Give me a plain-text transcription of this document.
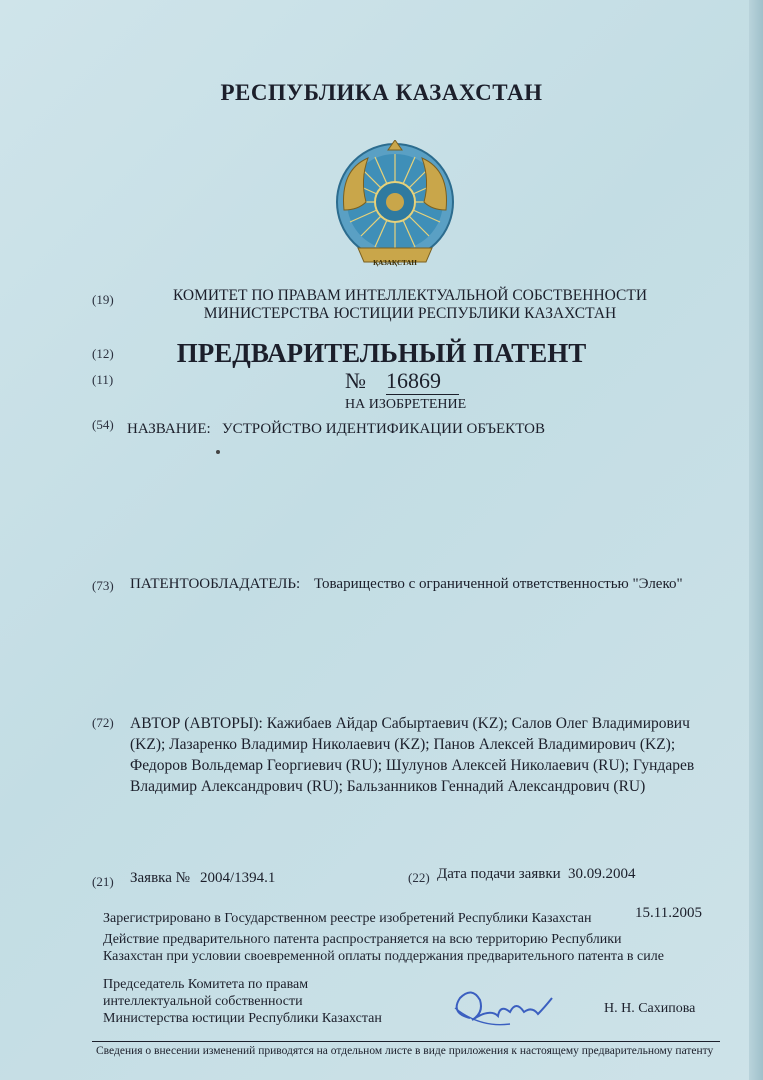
РЕСПУБЛИКА КАЗАХСТАН
ҚАЗАҚСТАН
(19)	КОМИТЕТ ПО ПРАВАМ ИНТЕЛЛЕКТУАЛЬНОЙ СОБСТВЕННОСТИ
МИНИСТЕРСТВА ЮСТИЦИИ РЕСПУБЛИКИ КАЗАХСТАН
(12)	ПРЕДВАРИТЕЛЬНЫЙ ПАТЕНТ
(11)	№ 16869
НА ИЗОБРЕТЕНИЕ
(54) НАЗВАНИЕ: УСТРОЙСТВО ИДЕНТИФИКАЦИИ ОБЪЕКТОВ
(73) ПАТЕНТООБЛАДАТЕЛЬ: Товарищество с ограниченной ответственностью "Элеко"
(72) АВТОР (АВТОРЫ): Кажибаев Айдар Сабыртаевич (KZ); Салов Олег Владимирович
(KZ); Лазаренко Владимир Николаевич (KZ); Панов Алексей Владимирович (KZ);
Федоров Вольдемар Георгиевич (RU); Шулунов Алексей Николаевич (RU); Гундарев
Владимир Александрович (RU); Бальзанников Геннадий Александрович (RU)
(21) Заявка № 2004/1394.1	(22) Дата подачи заявки 30.09.2004
Зарегистрировано в Государственном реестре изобретений Республики Казахстан	15.11.2005
Действие предварительного патента распространяется на всю территорию Республики
Казахстан при условии своевременной оплаты поддержания предварительного патента в силе
Председатель Комитета по правам
интеллектуальной собственности
Министерства юстиции Республики Казахстан
Н. Н. Сахипова
Сведения о внесении изменений приводятся на отдельном листе в виде приложения к настоящему предварительному патенту
